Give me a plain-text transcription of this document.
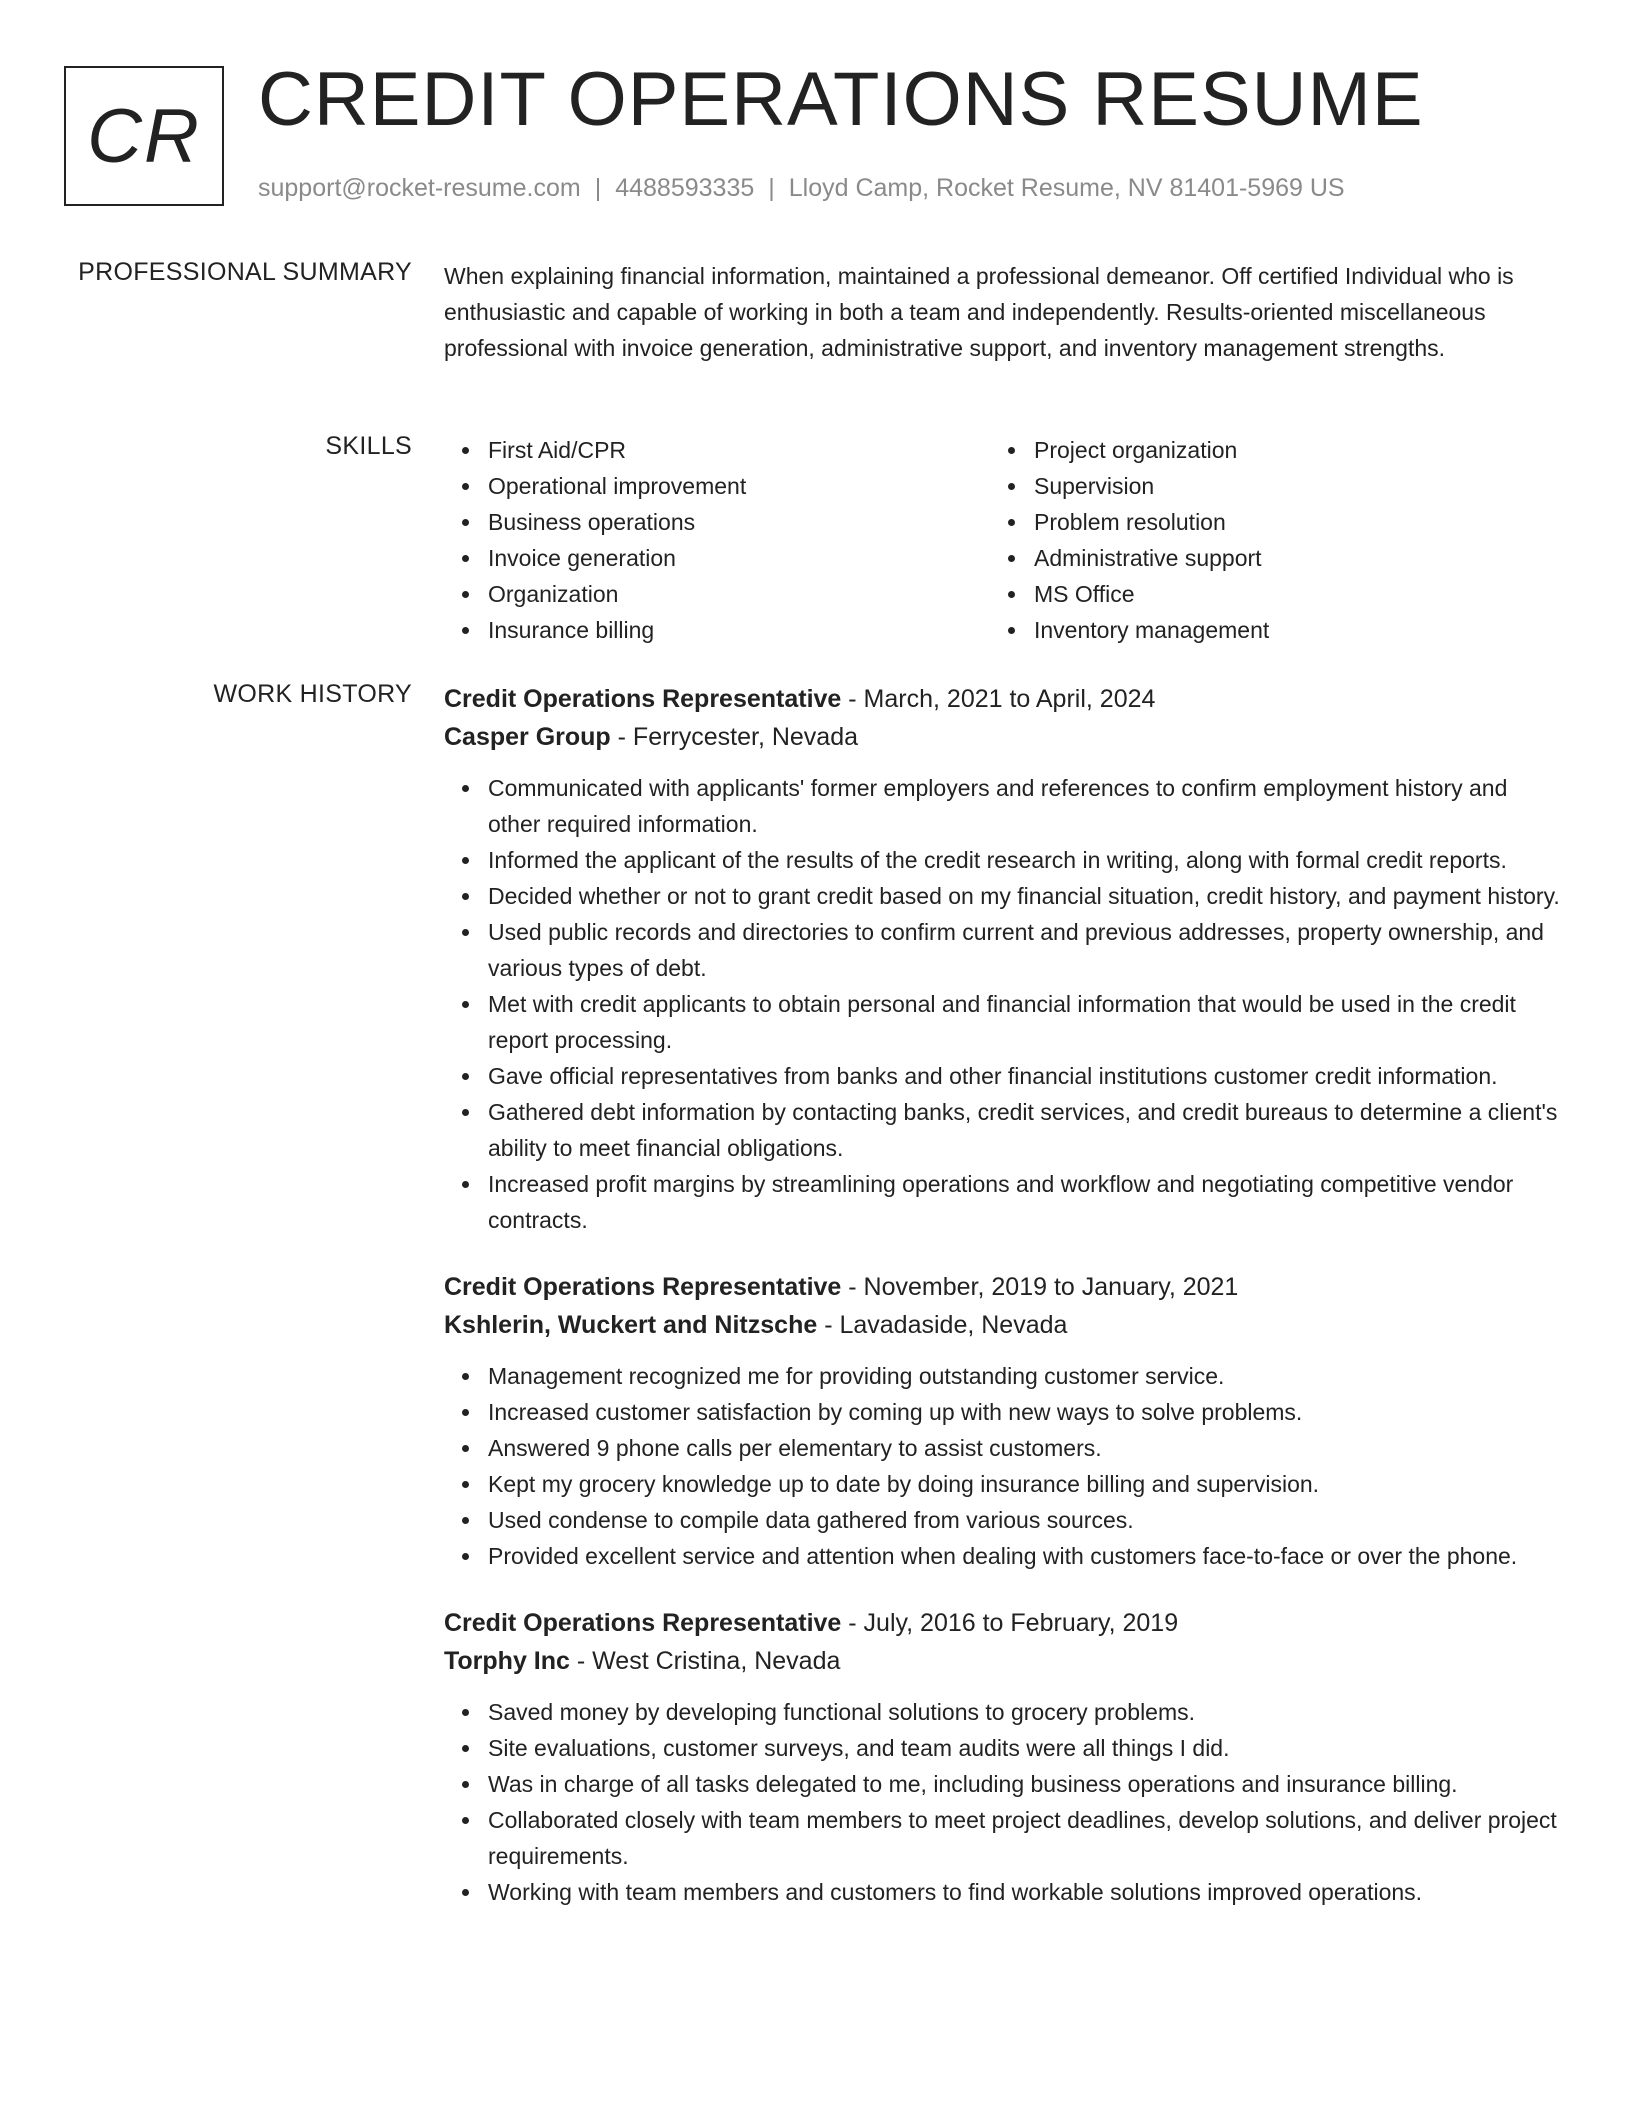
CR CREDIT OPERATIONS RESUME
support@rocket-resume.com | 4488593335 | Lloyd Camp, Rocket Resume, NV 81401-5969 US
PROFESSIONAL SUMMARY When explaining financial information, maintained a professional demeanor. Off certified Individual who is enthusiastic and capable of working in both a team and independently. Results-oriented miscellaneous professional with invoice generation, administrative support, and inventory management strengths.

SKILLS	First Aid/CPR
Operational improvement
Business operations
Invoice generation
Organization
Insurance billing
Project organization
Supervision
Problem resolution
Administrative support
MS Office
Inventory management
WORK HISTORY Credit Operations Representative - March, 2021 to April, 2024
Casper Group - Ferrycester, Nevada
Communicated with applicants' former employers and references to confirm employment history and other required information.
Informed the applicant of the results of the credit research in writing, along with formal credit reports.
Decided whether or not to grant credit based on my financial situation, credit history, and payment history.
Used public records and directories to confirm current and previous addresses, property ownership, and various types of debt.
Met with credit applicants to obtain personal and financial information that would be used in the credit report processing.
Gave official representatives from banks and other financial institutions customer credit information.
Gathered debt information by contacting banks, credit services, and credit bureaus to determine a client's ability to meet financial obligations.
Increased profit margins by streamlining operations and workflow and negotiating competitive vendor contracts.
Credit Operations Representative - November, 2019 to January, 2021
Kshlerin, Wuckert and Nitzsche - Lavadaside, Nevada
Management recognized me for providing outstanding customer service.
Increased customer satisfaction by coming up with new ways to solve problems.
Answered 9 phone calls per elementary to assist customers.
Kept my grocery knowledge up to date by doing insurance billing and supervision.
Used condense to compile data gathered from various sources.
Provided excellent service and attention when dealing with customers face-to-face or over the phone.
Credit Operations Representative - July, 2016 to February, 2019
Torphy Inc - West Cristina, Nevada
Saved money by developing functional solutions to grocery problems.
Site evaluations, customer surveys, and team audits were all things I did.
Was in charge of all tasks delegated to me, including business operations and insurance billing.
Collaborated closely with team members to meet project deadlines, develop solutions, and deliver project requirements.
Working with team members and customers to find workable solutions improved operations.
